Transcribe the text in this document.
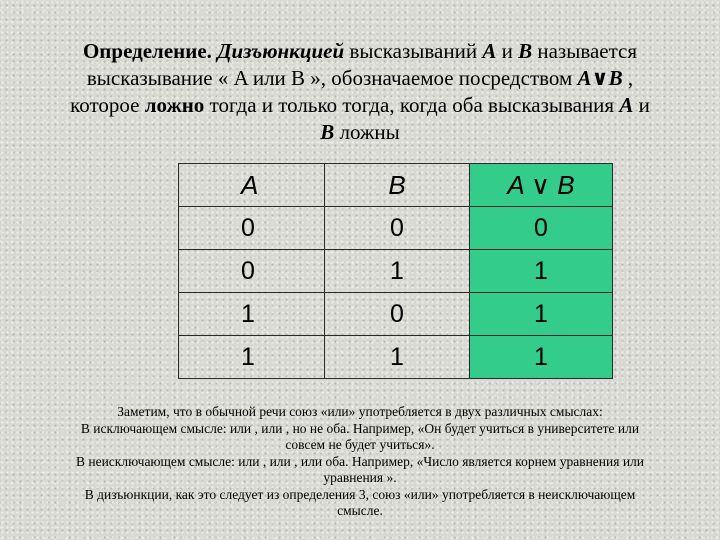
Определение. Дизъюнкцией высказываний A и B называется
высказывание « A или B », обозначаемое посредством A∨B ,
которое ложно тогда и только тогда, когда оба высказывания A и
B ложны
A	B	A ∨ B
0	0	0
0	1	1
1	0	1
1	1	1
Заметим, что в обычной речи союз «или» употребляется в двух различных смыслах:
В исключающем смысле: или , или , но не оба. Например, «Он будет учиться в университете или
совсем не будет учиться».
В неисключающем смысле: или , или , или оба. Например, «Число является корнем уравнения или
уравнения ».
В дизъюнкции, как это следует из определения 3, союз «или» употребляется в неисключающем
смысле.
